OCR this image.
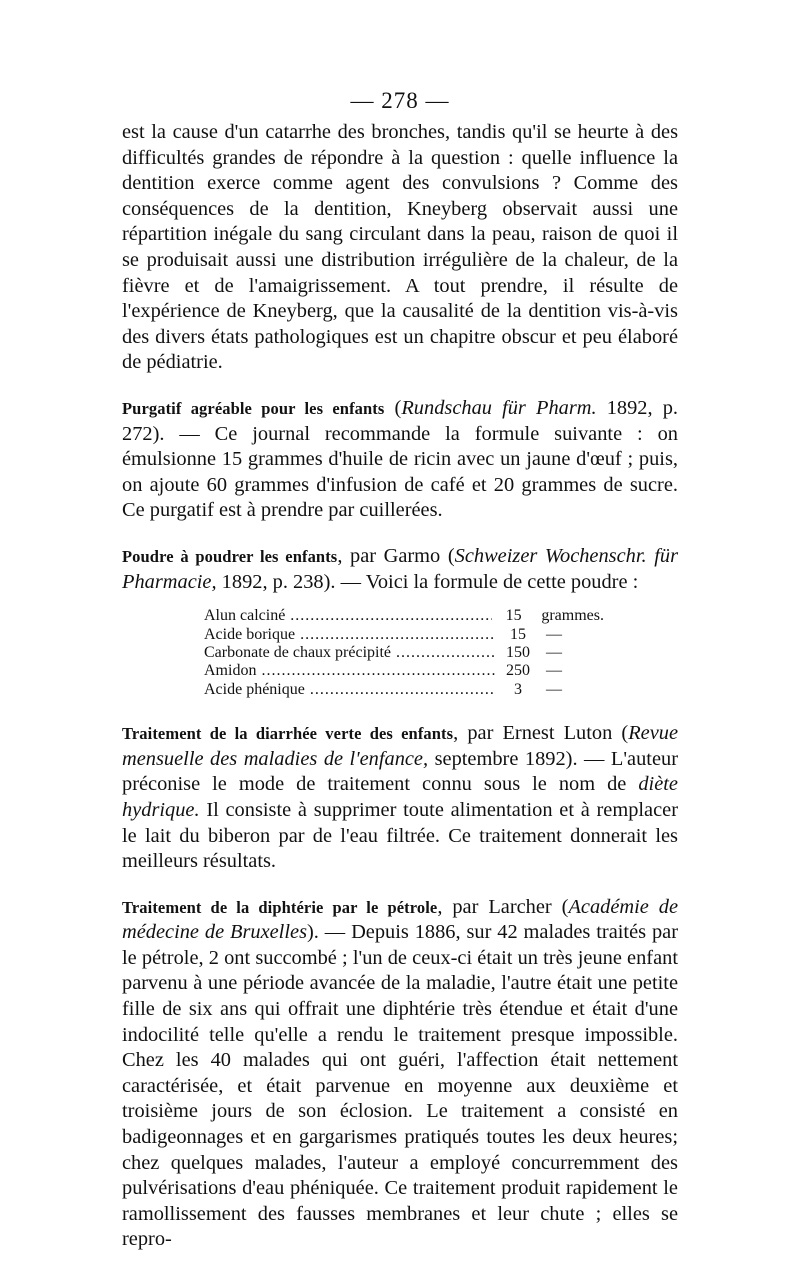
— 278 —

est la cause d'un catarrhe des bronches, tandis qu'il se heurte à des difficultés grandes de répondre à la question : quelle influence la dentition exerce comme agent des convulsions ? Comme des conséquences de la dentition, Kneyberg observait aussi une répartition inégale du sang circulant dans la peau, raison de quoi il se produisait aussi une distribution irrégulière de la chaleur, de la fièvre et de l'amaigrissement. A tout prendre, il résulte de l'expérience de Kneyberg, que la causalité de la dentition vis-à-vis des divers états pathologiques est un chapitre obscur et peu élaboré de pédiatrie.

Purgatif agréable pour les enfants (Rundschau für Pharm. 1892, p. 272). — Ce journal recommande la formule suivante : on émulsionne 15 grammes d'huile de ricin avec un jaune d'œuf ; puis, on ajoute 60 grammes d'infusion de café et 20 grammes de sucre. Ce purgatif est à prendre par cuillerées.

Poudre à poudrer les enfants, par Garmo (Schweizer Wochenschr. für Pharmacie, 1892, p. 238). — Voici la formule de cette poudre :

Alun calciné .....	15	grammes.
Acide borique .....	15	—
Carbonate de chaux précipité .....	150	—
Amidon .....	250	—
Acide phénique .....	3	—

Traitement de la diarrhée verte des enfants, par Ernest Luton (Revue mensuelle des maladies de l'enfance, septembre 1892). — L'auteur préconise le mode de traitement connu sous le nom de diète hydrique. Il consiste à supprimer toute alimentation et à remplacer le lait du biberon par de l'eau filtrée. Ce traitement donnerait les meilleurs résultats.

Traitement de la diphtérie par le pétrole, par Larcher (Académie de médecine de Bruxelles). — Depuis 1886, sur 42 malades traités par le pétrole, 2 ont succombé ; l'un de ceux-ci était un très jeune enfant parvenu à une période avancée de la maladie, l'autre était une petite fille de six ans qui offrait une diphtérie très étendue et était d'une indocilité telle qu'elle a rendu le traitement presque impossible. Chez les 40 malades qui ont guéri, l'affection était nettement caractérisée, et était parvenue en moyenne aux deuxième et troisième jours de son éclosion. Le traitement a consisté en badigeonnages et en gargarismes pratiqués toutes les deux heures; chez quelques malades, l'auteur a employé concurremment des pulvérisations d'eau phéniquée. Ce traitement produit rapidement le ramollissement des fausses membranes et leur chute ; elles se repro-
